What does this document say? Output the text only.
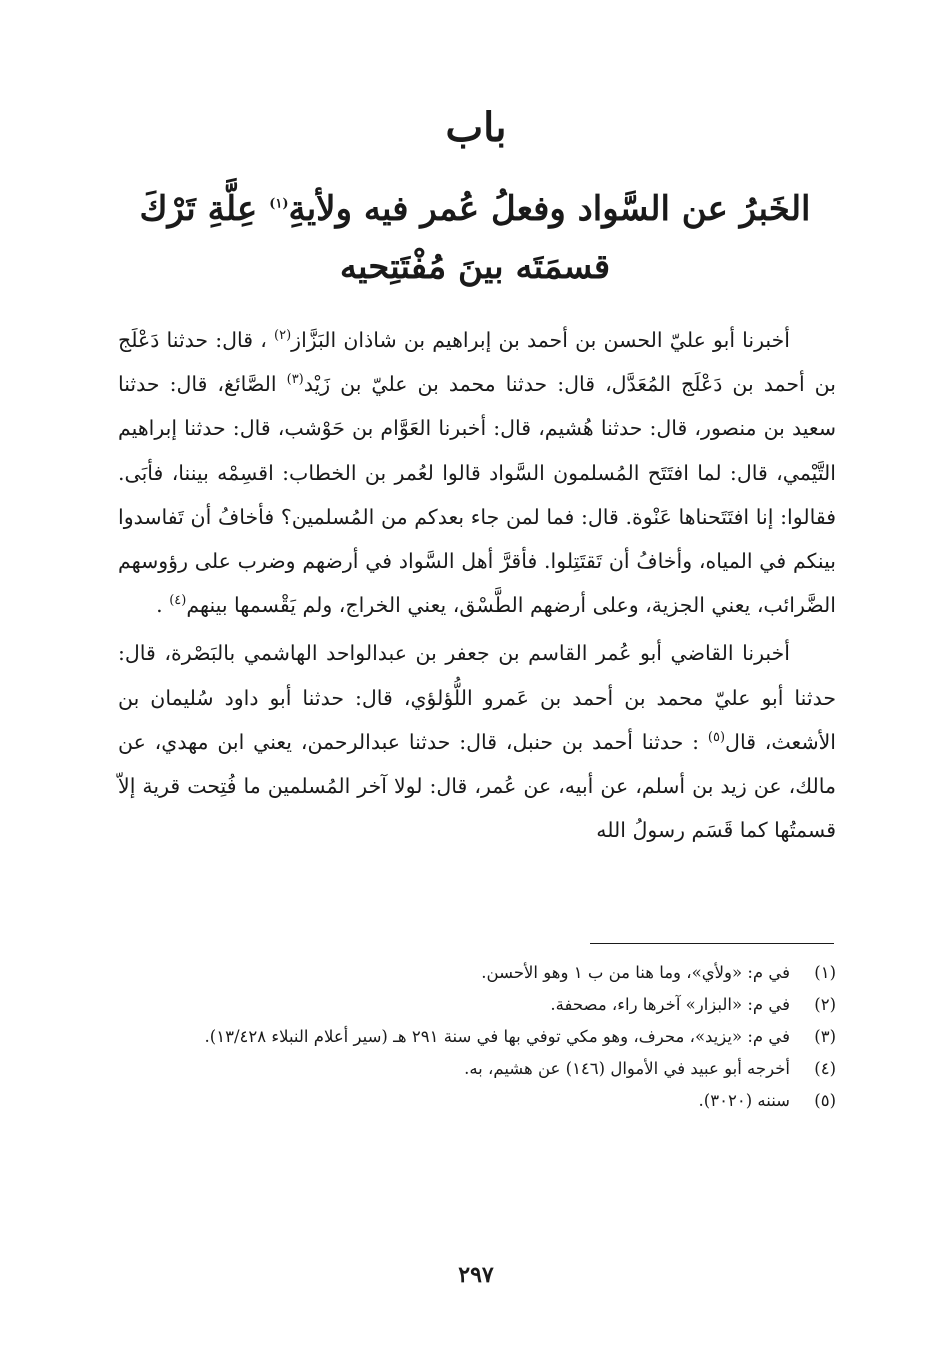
باب
الخَبرُ عن السَّواد وفعلُ عُمر فيه ولأيةِ$^{(١)}$ عِلَّةِ تَرْكَ قسمَتَه بينَ مُفْتَتِحيه

أخبرنا أبو عليّ الحسن بن أحمد بن إبراهيم بن شاذان البَزَّاز$^{(٢)}$ ، قال: حدثنا دَعْلَج بن أحمد بن دَعْلَج المُعَدَّل، قال: حدثنا محمد بن عليّ بن زَيْد$^{(٣)}$ الصَّائغ، قال: حدثنا سعيد بن منصور، قال: حدثنا هُشيم، قال: أخبرنا العَوَّام بن حَوْشب، قال: حدثنا إبراهيم التَّيْمي، قال: لما افتَتَح المُسلمون السَّواد قالوا لعُمر بن الخطاب: اقسِمْه بيننا، فأبَى. فقالوا: إنا افتَتَحناها عَنْوة. قال: فما لمن جاء بعدكم من المُسلمين؟ فأخافُ أن تَفاسدوا بينكم في المياه، وأخافُ أن تَقتَتِلوا. فأقرَّ أهل السَّواد في أرضهم وضرب على رؤوسهم الضَّرائب، يعني الجزية، وعلى أرضهم الطَّسْق، يعني الخراج، ولم يَقْسمها بينهم$^{(٤)}$ .

أخبرنا القاضي أبو عُمر القاسم بن جعفر بن عبدالواحد الهاشمي بالبَصْرة، قال: حدثنا أبو عليّ محمد بن أحمد بن عَمرو اللُّؤلؤي، قال: حدثنا أبو داود سُليمان بن الأشعث، قال$^{(٥)}$ : حدثنا أحمد بن حنبل، قال: حدثنا عبدالرحمن، يعني ابن مهدي، عن مالك، عن زيد بن أسلم، عن أبيه، عن عُمر، قال: لولا آخر المُسلمين ما فُتِحت قرية إلاّ قسمتُها كما قَسَم رسولُ الله

(١)
في م: «ولأي»، وما هنا من ب ١ وهو الأحسن.
(٢)
في م: «البزار» آخرها راء، مصحفة.
(٣)
في م: «يزيد»، محرف، وهو مكي توفي بها في سنة ٢٩١ هـ (سير أعلام النبلاء ١٣/٤٢٨).
(٤)
أخرجه أبو عبيد في الأموال (١٤٦) عن هشيم، به.
(٥)
سننه (٣٠٢٠).
٢٩٧
